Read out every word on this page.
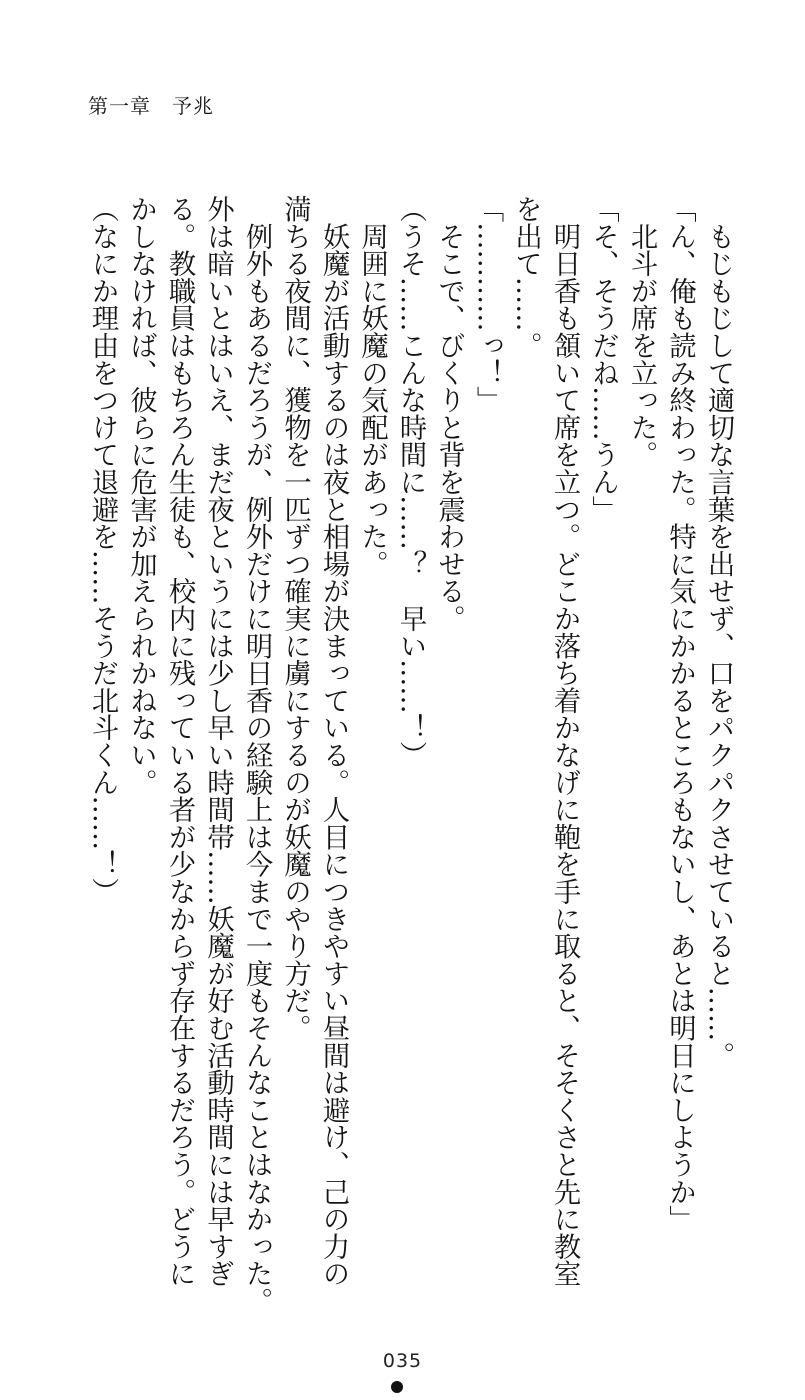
第一章　予兆
　もじもじして適切な言葉を出せず、口をパクパクさせていると……。
「ん、俺も読み終わった。特に気にかかるところもないし、あとは明日にしようか」
　北斗が席を立った。
「そ、そうだね……うん」
　明日香も頷いて席を立つ。どこか落ち着かなげに鞄を手に取ると、そそくさと先に教室
を出て……。
「…………っ！」
　そこで、びくりと背を震わせる。
（うそ……こんな時間に……？　早い……！）
　周囲に妖魔の気配があった。
　妖魔が活動するのは夜と相場が決まっている。人目につきやすい昼間は避け、己の力の
満ちる夜間に、獲物を一匹ずつ確実に虜にするのが妖魔のやり方だ。
　例外もあるだろうが、例外だけに明日香の経験上は今まで一度もそんなことはなかった。
外は暗いとはいえ、まだ夜というには少し早い時間帯……妖魔が好む活動時間には早すぎ
る。教職員はもちろん生徒も、校内に残っている者が少なからず存在するだろう。どうに
かしなければ、彼らに危害が加えられかねない。
（なにか理由をつけて退避を……そうだ北斗くん……！）
035
